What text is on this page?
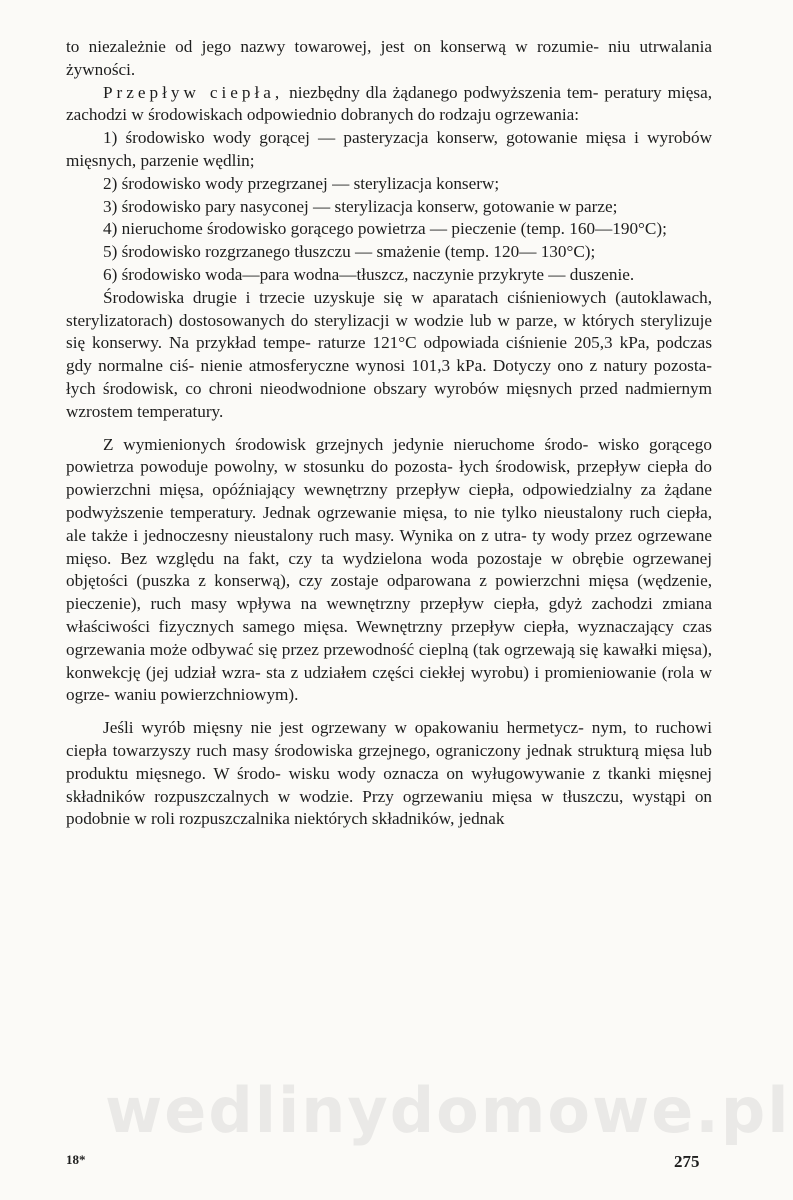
to niezależnie od jego nazwy towarowej, jest on konserwą w rozumie- niu utrwalania żywności.

Przepływ ciepła, niezbędny dla żądanego podwyższenia tem- peratury mięsa, zachodzi w środowiskach odpowiednio dobranych do rodzaju ogrzewania:

1) środowisko wody gorącej — pasteryzacja konserw, gotowanie mięsa i wyrobów mięsnych, parzenie wędlin;

2) środowisko wody przegrzanej — sterylizacja konserw;

3) środowisko pary nasyconej — sterylizacja konserw, gotowanie w parze;

4) nieruchome środowisko gorącego powietrza — pieczenie (temp. 160—190°C);

5) środowisko rozgrzanego tłuszczu — smażenie (temp. 120— 130°C);

6) środowisko woda—para wodna—tłuszcz, naczynie przykryte — duszenie.

Środowiska drugie i trzecie uzyskuje się w aparatach ciśnieniowych (autoklawach, sterylizatorach) dostosowanych do sterylizacji w wodzie lub w parze, w których sterylizuje się konserwy. Na przykład tempe- raturze 121°C odpowiada ciśnienie 205,3 kPa, podczas gdy normalne ciś- nienie atmosferyczne wynosi 101,3 kPa. Dotyczy ono z natury pozosta- łych środowisk, co chroni nieodwodnione obszary wyrobów mięsnych przed nadmiernym wzrostem temperatury.

Z wymienionych środowisk grzejnych jedynie nieruchome środo- wisko gorącego powietrza powoduje powolny, w stosunku do pozosta- łych środowisk, przepływ ciepła do powierzchni mięsa, opóźniający wewnętrzny przepływ ciepła, odpowiedzialny za żądane podwyższenie temperatury. Jednak ogrzewanie mięsa, to nie tylko nieustalony ruch ciepła, ale także i jednoczesny nieustalony ruch masy. Wynika on z utra- ty wody przez ogrzewane mięso. Bez względu na fakt, czy ta wydzielona woda pozostaje w obrębie ogrzewanej objętości (puszka z konserwą), czy zostaje odparowana z powierzchni mięsa (wędzenie, pieczenie), ruch masy wpływa na wewnętrzny przepływ ciepła, gdyż zachodzi zmiana właściwości fizycznych samego mięsa. Wewnętrzny przepływ ciepła, wyznaczający czas ogrzewania może odbywać się przez przewodność cieplną (tak ogrzewają się kawałki mięsa), konwekcję (jej udział wzra- sta z udziałem części ciekłej wyrobu) i promieniowanie (rola w ogrze- waniu powierzchniowym).

Jeśli wyrób mięsny nie jest ogrzewany w opakowaniu hermetycz- nym, to ruchowi ciepła towarzyszy ruch masy środowiska grzejnego, ograniczony jednak strukturą mięsa lub produktu mięsnego. W środo- wisku wody oznacza on wyługowywanie z tkanki mięsnej składników rozpuszczalnych w wodzie. Przy ogrzewaniu mięsa w tłuszczu, wystąpi on podobnie w roli rozpuszczalnika niektórych składników, jednak

wedlinydomowe.pl
18*	275
